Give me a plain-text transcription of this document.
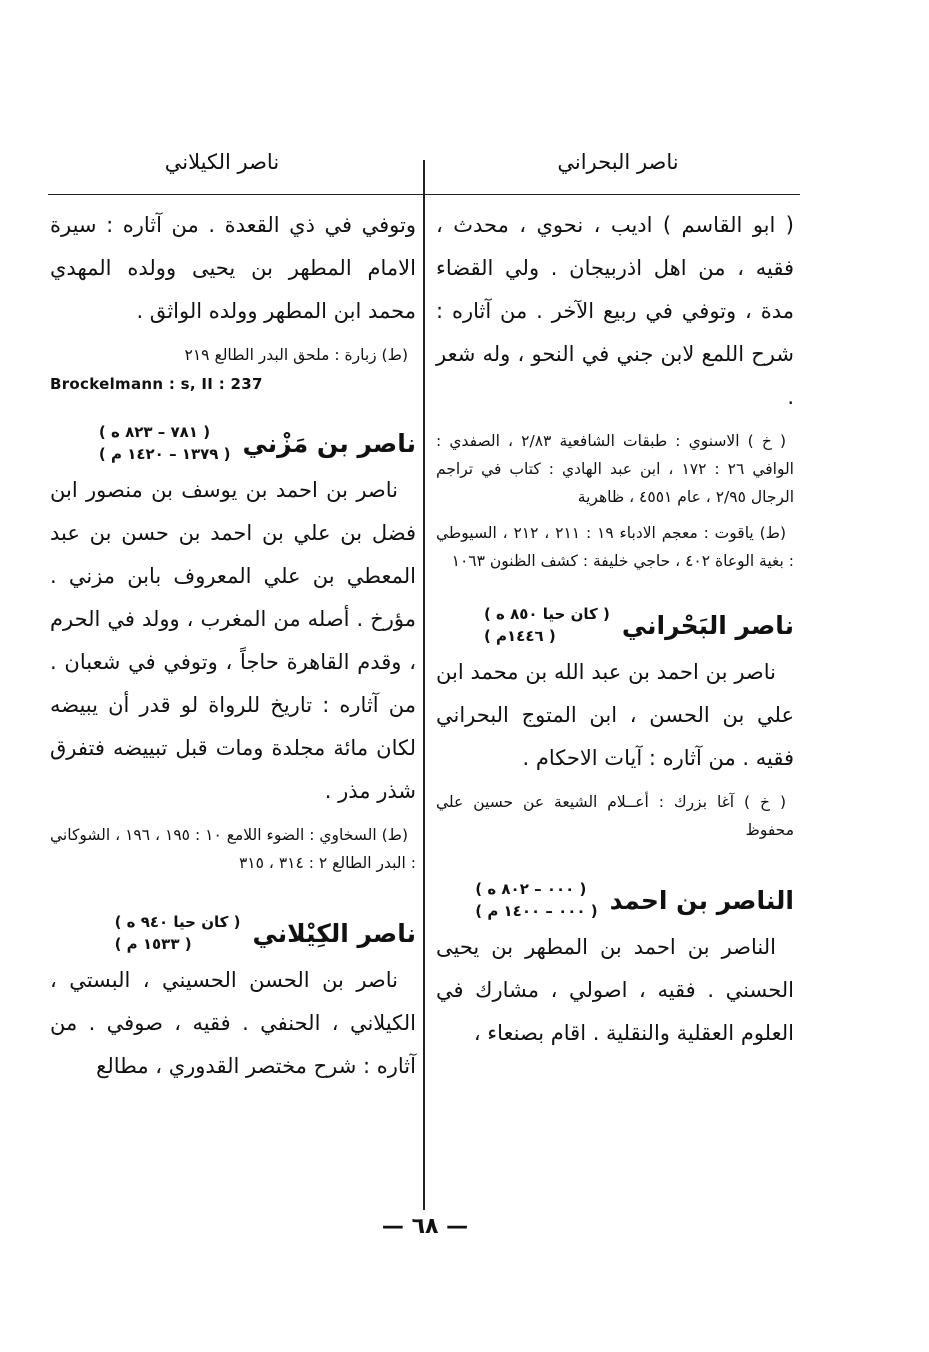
ناصر البحراني
ناصر الكيلاني

( ابو القاسم ) اديب ، نحوي ، محدث ، فقيه ، من اهل اذربيجان . ولي القضاء مدة ، وتوفي في ربيع الآخر . من آثاره : شرح اللمع لابن جني في النحو ، وله شعر .

( خ ) الاسنوي : طبقات الشافعية ٢/٨٣ ، الصفدي : الوافي ٢٦ : ١٧٢ ، ابن عبد الهادي : كتاب في تراجم الرجال ٢/٩٥ ، عام ٤٥٥١ ، ظاهرية

(ط) ياقوت : معجم الادباء ١٩ : ٢١١ ، ٢١٢ ، السيوطي : بغية الوعاة ٤٠٢ ، حاجي خليفة : كشف الظنون ١٠٦٣

ناصر البَحْراني
( كان حيا ٨٥٠ ه )
( ١٤٤٦م )

ناصر بن احمد بن عبد الله بن محمد ابن علي بن الحسن ، ابن المتوج البحراني فقيه . من آثاره : آيات الاحكام .

( خ ) آغا بزرك : أعــلام الشيعة عن حسين علي محفوظ

الناصر بن احمد
( ٠٠٠ – ٨٠٢ ه )
( ٠٠٠ – ١٤٠٠ م )

الناصر بن احمد بن المطهر بن يحيى الحسني . فقيه ، اصولي ، مشارك في العلوم العقلية والنقلية . اقام بصنعاء ،

وتوفي في ذي القعدة . من آثاره : سيرة الامام المطهر بن يحيى وولده المهدي محمد ابن المطهر وولده الواثق .

(ط) زبارة : ملحق البدر الطالع ٢١٩

Brockelmann : s, II : 237

ناصر بن مَزْني
( ٧٨١ – ٨٢٣ ه )
( ١٣٧٩ – ١٤٢٠ م )

ناصر بن احمد بن يوسف بن منصور ابن فضل بن علي بن احمد بن حسن بن عبد المعطي بن علي المعروف بابن مزني . مؤرخ . أصله من المغرب ، وولد في الحرم ، وقدم القاهرة حاجاً ، وتوفي في شعبان . من آثاره : تاريخ للرواة لو قدر أن يبيضه لكان مائة مجلدة ومات قبل تبييضه فتفرق شذر مذر .

(ط) السخاوي : الضوء اللامع ١٠ : ١٩٥ ، ١٩٦ ، الشوكاني : البدر الطالع ٢ : ٣١٤ ، ٣١٥

ناصر الكِيْلاني
( كان حيا ٩٤٠ ه )
( ١٥٣٣ م )

ناصر بن الحسن الحسيني ، البستي ، الكيلاني ، الحنفي . فقيه ، صوفي . من آثاره : شرح مختصر القدوري ، مطالع

— ٦٨ —
